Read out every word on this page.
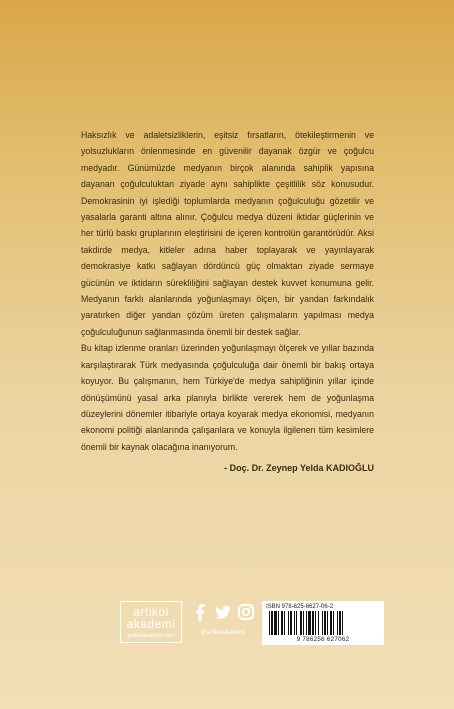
Haksızlık ve adaletsizliklerin, eşitsiz fırsatların, ötekileştirmenin ve yolsuzlukların önlenmesinde en güvenilir dayanak özgür ve çoğulcu medyadır. Günümüzde medyanın birçok alanında sahiplik yapısına dayanan çoğulculuktan ziyade aynı sahiplikte çeşitlilik söz konusudur. Demokrasinin iyi işlediği toplumlarda medyanın çoğulculuğu gözetilir ve yasalarla garanti altına alınır. Çoğulcu medya düzeni iktidar güçlerinin ve her türlü baskı gruplarının eleştirisini de içeren kontrolün garantörüdür. Aksi takdirde medya, kitleler adına haber toplayarak ve yayınlayarak demokrasiye katkı sağlayan dördüncü güç olmaktan ziyade sermaye gücünün ve iktidarın sürekliliğini sağlayan destek kuvvet konumuna gelir. Medyanın farklı alanlarında yoğunlaşmayı ölçen, bir yandan farkındalık yaratırken diğer yandan çözüm üreten çalışmaların yapılması medya çoğulculuğunun sağlanmasında önemli bir destek sağlar.

Bu kitap izlenme oranları üzerinden yoğunlaşmayı ölçerek ve yıllar bazında karşılaştırarak Türk medyasında çoğulculuğa dair önemli bir bakış ortaya koyuyor. Bu çalışmanın, hem Türkiye'de medya sahipliğinin yıllar içinde dönüşümünü yasal arka planıyla birlikte vererek hem de yoğunlaşma düzeylerini dönemler itibariyle ortaya koyarak medya ekonomisi, medyanın ekonomi politiği alanlarında çalışanlara ve konuyla ilgilenen tüm kesimlere önemli bir kaynak olacağına inanıyorum.

- Doç. Dr. Zeynep Yelda KADIOĞLU
artikol
akademi
artikelakademi.com	@artikelakademi
ISBN 978-625-6627-06-2
9 786256 627062
